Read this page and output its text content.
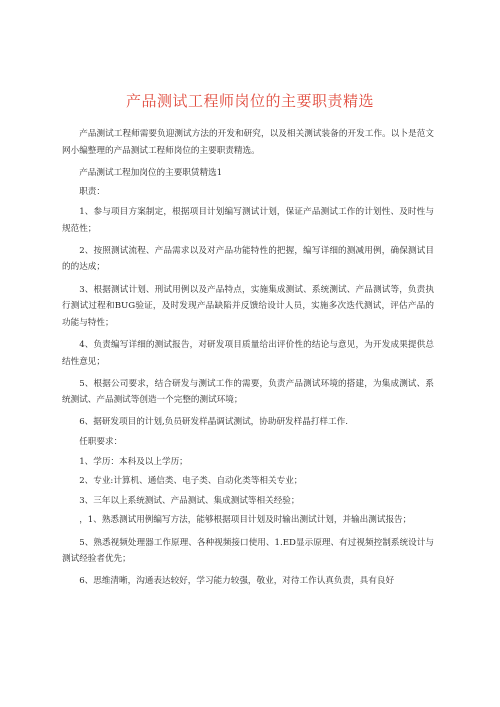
产品测试工程师岗位的主要职责精选

产品测试工程师需要负迎测试方法的开发和研究，以及相关测试装备的开发工作。以卜是范文网小编整理的产品测试工程师岗位的主要职责精选。

产品测试工程加岗位的主要职赁精选1

职责：

1、参与项目方案制定，根据项目计划编写测试计划，保证产品测试工作的计划性、及时性与规范性；

2、按照测试流程、产品需求以及对产品功能特性的把握，编写详细的测减用例，确保测试目的的达成；

3、根据测试计划、刑试用例以及产品特点，实施集成测试、系统测试、产品测试等，负责执行测试过程和BUG验证，及时发现产品缺陷并反馈给设计人员，实施多次迭代测试，评估产品的功能与特性；

4、负责编写详细的测试报告，对研发项目质量给出评价性的结论与意见，为开发成果提供总结性意见；

5、根据公司要求，结合研发与测试工作的需要，负责产品测试环境的搭建，为集成测试、系统测试、产品测试等创造一个完整的测试环境；

6、据研发项目的计划,负员研发样晶调试测试，协助研发样晶打样工作.

任职要求：

1、学历：本科及以上学历；

2、专业:计算机、通信类、电子类、自动化类等相关专业；

3、三年以上系统测试、产品测试、集成测试等相关经验；

，1、熟悉测试用例编写方法，能够根据项目计划及时输出测试计划，并输出测试报告；

5、熟悉视频处理器工作原理、各种视频接口使用、1.ED显示原理、有过视频控制系统设计与测试经验者优先；

6、思维清晰，沟通表达较好，学习能力较强，敬业，对待工作认真负责，具有良好
